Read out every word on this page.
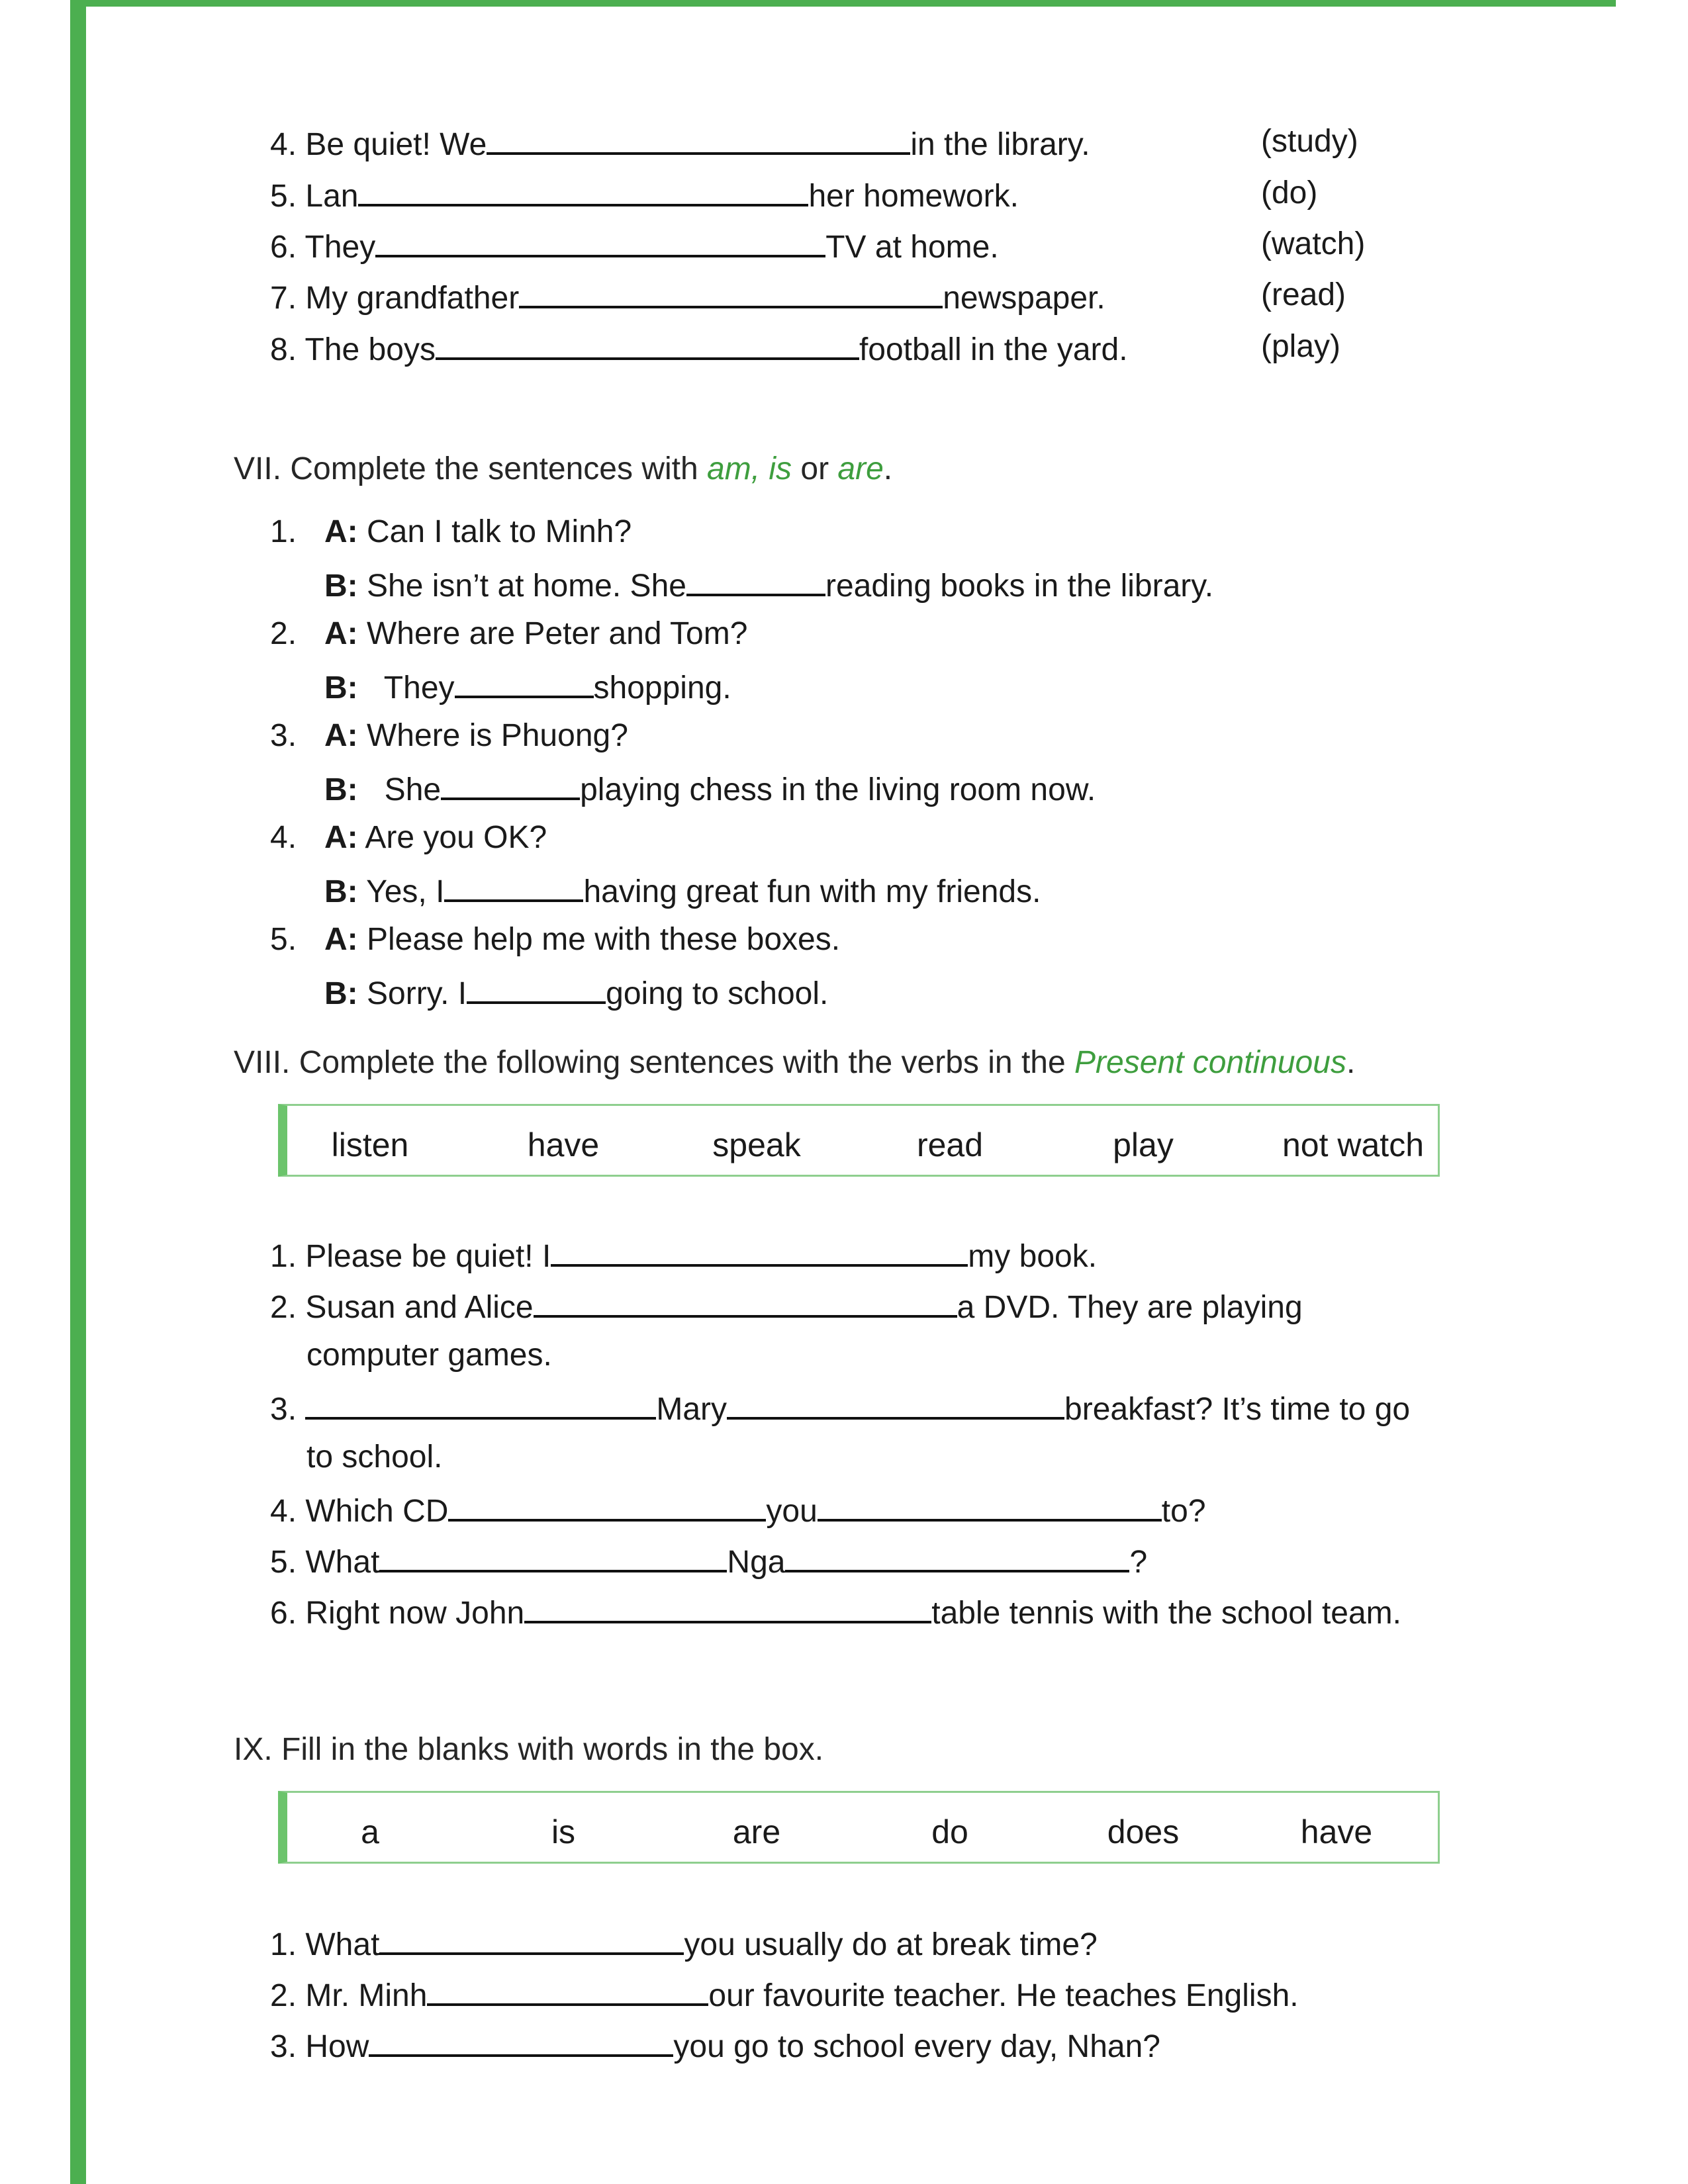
4. Be quiet! We	in the library.	(study)
5. Lan	her homework.	(do)
6. They	TV at home.	(watch)
7. My grandfather	newspaper.	(read)
8. The boys	football in the yard.	(play)
VII. Complete the sentences with am, is or are.
1. A: Can I talk to Minh?
B: She isn’t at home. She	reading books in the library.
2. A: Where are Peter and Tom?
B: They	shopping.
3. A: Where is Phuong?
B: She	playing chess in the living room now.
4. A: Are you OK?
B: Yes, I	having great fun with my friends.
5. A: Please help me with these boxes.
B: Sorry. I	going to school.
VIII. Complete the following sentences with the verbs in the Present continuous.
listen	have	speak	read	play	not watch
1. Please be quiet! I	my book.
2. Susan and Alice	a DVD. They are playing
computer games.
3.	Mary	breakfast? It’s time to go
to school.
4. Which CD	you	to?
5. What	Nga	?
6. Right now John	table tennis with the school team.
IX. Fill in the blanks with words in the box.
a	is	are	do	does	have
1. What	you usually do at break time?
2. Mr. Minh	our favourite teacher. He teaches English.
3. How	you go to school every day, Nhan?
